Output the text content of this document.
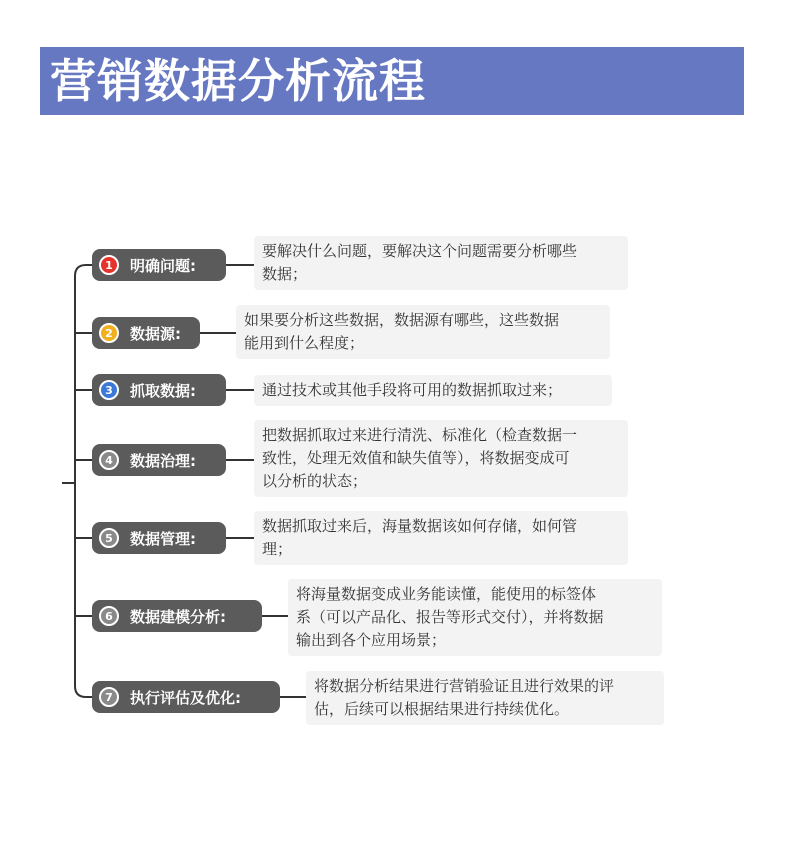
营销数据分析流程
1	明确问题:
要解决什么问题，要解决这个问题需要分析哪些
数据；
2	数据源:
如果要分析这些数据，数据源有哪些，这些数据
能用到什么程度；
3	抓取数据:	通过技术或其他手段将可用的数据抓取过来；
4	数据治理:
把数据抓取过来进行清洗、标准化（检查数据一
致性，处理无效值和缺失值等），将数据变成可
以分析的状态；
5	数据管理:
数据抓取过来后，海量数据该如何存储，如何管
理；
6	数据建模分析:
将海量数据变成业务能读懂，能使用的标签体
系（可以产品化、报告等形式交付），并将数据
输出到各个应用场景；
7	执行评估及优化:
将数据分析结果进行营销验证且进行效果的评
估，后续可以根据结果进行持续优化。
